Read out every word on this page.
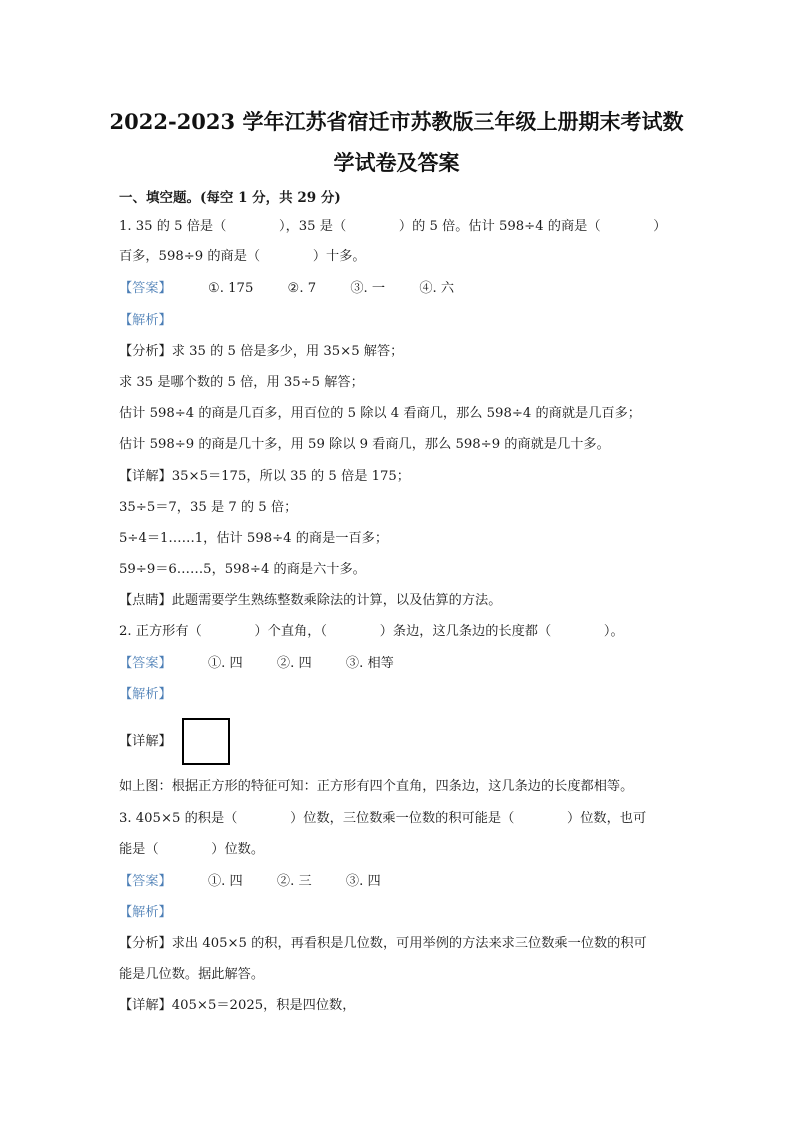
2022-2023 学年江苏省宿迁市苏教版三年级上册期末考试数
学试卷及答案
一、填空题。(每空 1 分，共 29 分)
1. 35 的 5 倍是（　　　　），35 是（　　　　）的 5 倍。估计 598÷4 的商是（　　　　）
百多，598÷9 的商是（　　　　）十多。
【答案】	①. 175	②. 7	③. 一	④. 六
【解析】
【分析】求 35 的 5 倍是多少，用 35×5 解答；
求 35 是哪个数的 5 倍，用 35÷5 解答；
估计 598÷4 的商是几百多，用百位的 5 除以 4 看商几，那么 598÷4 的商就是几百多；
估计 598÷9 的商是几十多，用 59 除以 9 看商几，那么 598÷9 的商就是几十多。
【详解】35×5＝175，所以 35 的 5 倍是 175；
35÷5＝7，35 是 7 的 5 倍；
5÷4＝1……1，估计 598÷4 的商是一百多；
59÷9＝6……5，598÷4 的商是六十多。
【点睛】此题需要学生熟练整数乘除法的计算，以及估算的方法。
2. 正方形有（　　　　）个直角，（　　　　）条边，这几条边的长度都（　　　　）。
【答案】	①. 四	②. 四	③. 相等
【解析】
【详解】
如上图：根据正方形的特征可知：正方形有四个直角，四条边，这几条边的长度都相等。
3. 405×5 的积是（　　　　）位数，三位数乘一位数的积可能是（　　　　）位数，也可
能是（　　　　）位数。
【答案】	①. 四	②. 三	③. 四
【解析】
【分析】求出 405×5 的积，再看积是几位数，可用举例的方法来求三位数乘一位数的积可
能是几位数。据此解答。
【详解】405×5＝2025，积是四位数，
